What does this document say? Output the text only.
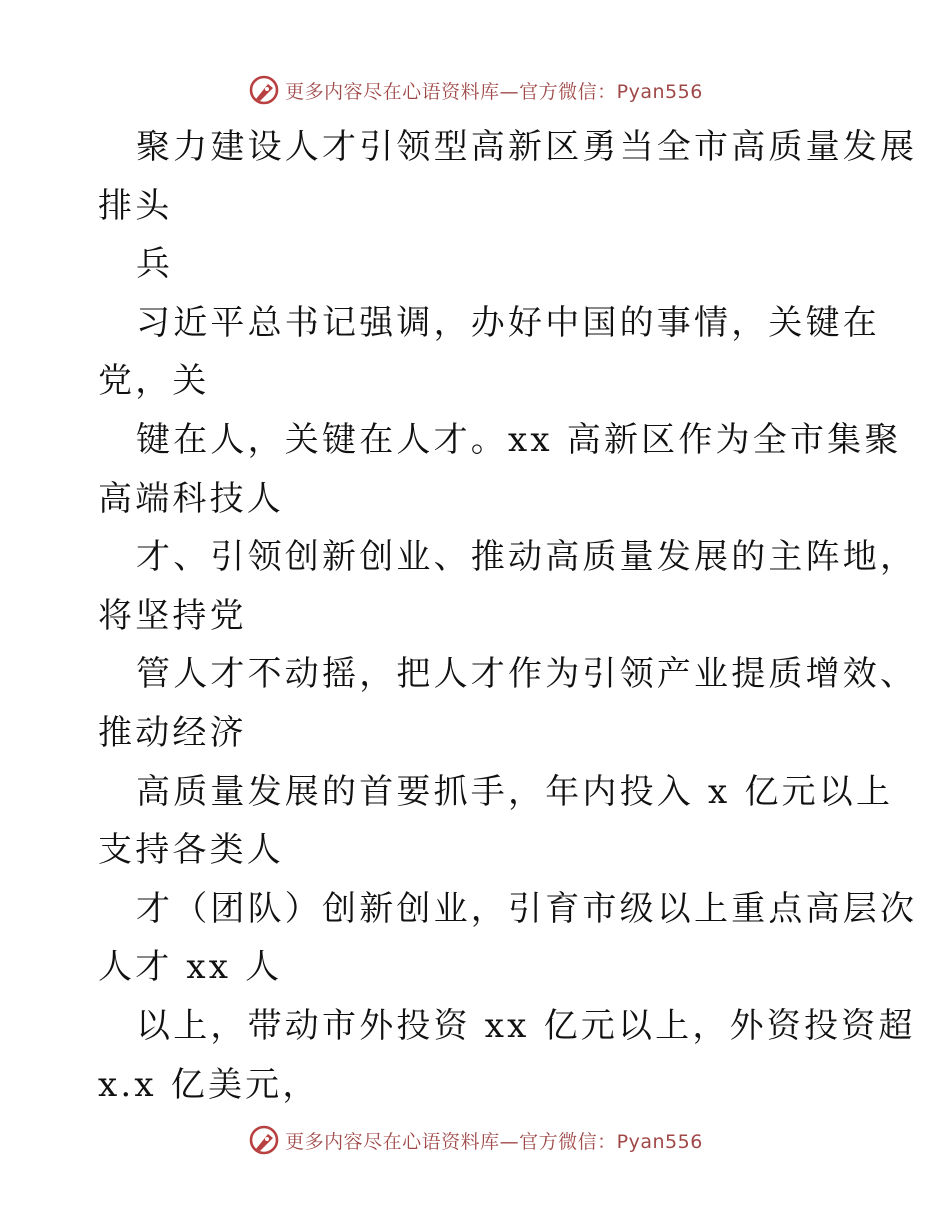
更多内容尽在心语资料库—官方微信：Pyan556
聚力建设人才引领型高新区勇当全市高质量发展
排头
兵
习近平总书记强调，办好中国的事情，关键在
党，关
键在人，关键在人才。xx 高新区作为全市集聚
高端科技人
才、引领创新创业、推动高质量发展的主阵地，
将坚持党
管人才不动摇，把人才作为引领产业提质增效、
推动经济
高质量发展的首要抓手，年内投入 x 亿元以上
支持各类人
才（团队）创新创业，引育市级以上重点高层次
人才 xx 人
以上，带动市外投资 xx 亿元以上，外资投资超
x.x 亿美元，
更多内容尽在心语资料库—官方微信：Pyan556
